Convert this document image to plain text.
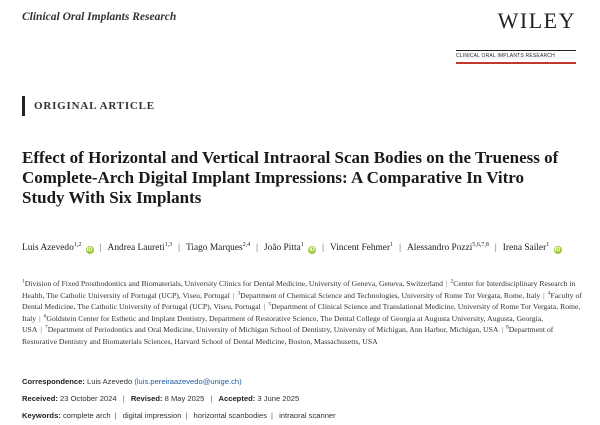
Clinical Oral Implants Research	WILEY
CLINICAL ORAL IMPLANTS RESEARCH
ORIGINAL ARTICLE
Effect of Horizontal and Vertical Intraoral Scan Bodies on the Trueness of Complete-Arch Digital Implant Impressions: A Comparative In Vitro Study With Six Implants
Luis Azevedo$^{1,2}$ iD | Andrea Laureti$^{1,3}$ | Tiago Marques$^{2,4}$ | João Pitta$^1$ iD | Vincent Fehmer$^1$ | Alessandro Pozzi$^{5,6,7,8}$ | Irena Sailer$^1$ iD
$^1$Division of Fixed Prosthodontics and Biomaterials, University Clinics for Dental Medicine, University of Geneva, Geneva, Switzerland | $^2$Center for Interdisciplinary Research in Health, The Catholic University of Portugal (UCP), Viseu, Portugal | $^3$Department of Chemical Science and Technologies, University of Rome Tor Vergata, Rome, Italy | $^4$Faculty of Dental Medicine, The Catholic University of Portugal (UCP), Viseu, Portugal | $^5$Department of Clinical Science and Translational Medicine, University of Rome Tor Vergata, Rome, Italy | $^6$Goldstein Center for Esthetic and Implant Dentistry, Department of Restorative Science, The Dental College of Georgia at Augusta University, Augusta, Georgia, USA | $^7$Department of Periodontics and Oral Medicine, University of Michigan School of Dentistry, University of Michigan, Ann Harbor, Michigan, USA | $^8$Department of Restorative Dentistry and Biomaterials Sciences, Harvard School of Dental Medicine, Boston, Massachusetts, USA
Correspondence: Luis Azevedo (luis.pereiraazevedo@unige.ch)
Received: 23 October 2024 | Revised: 8 May 2025 | Accepted: 3 June 2025
Keywords: complete arch | digital impression | horizontal scanbodies | intraoral scanner
